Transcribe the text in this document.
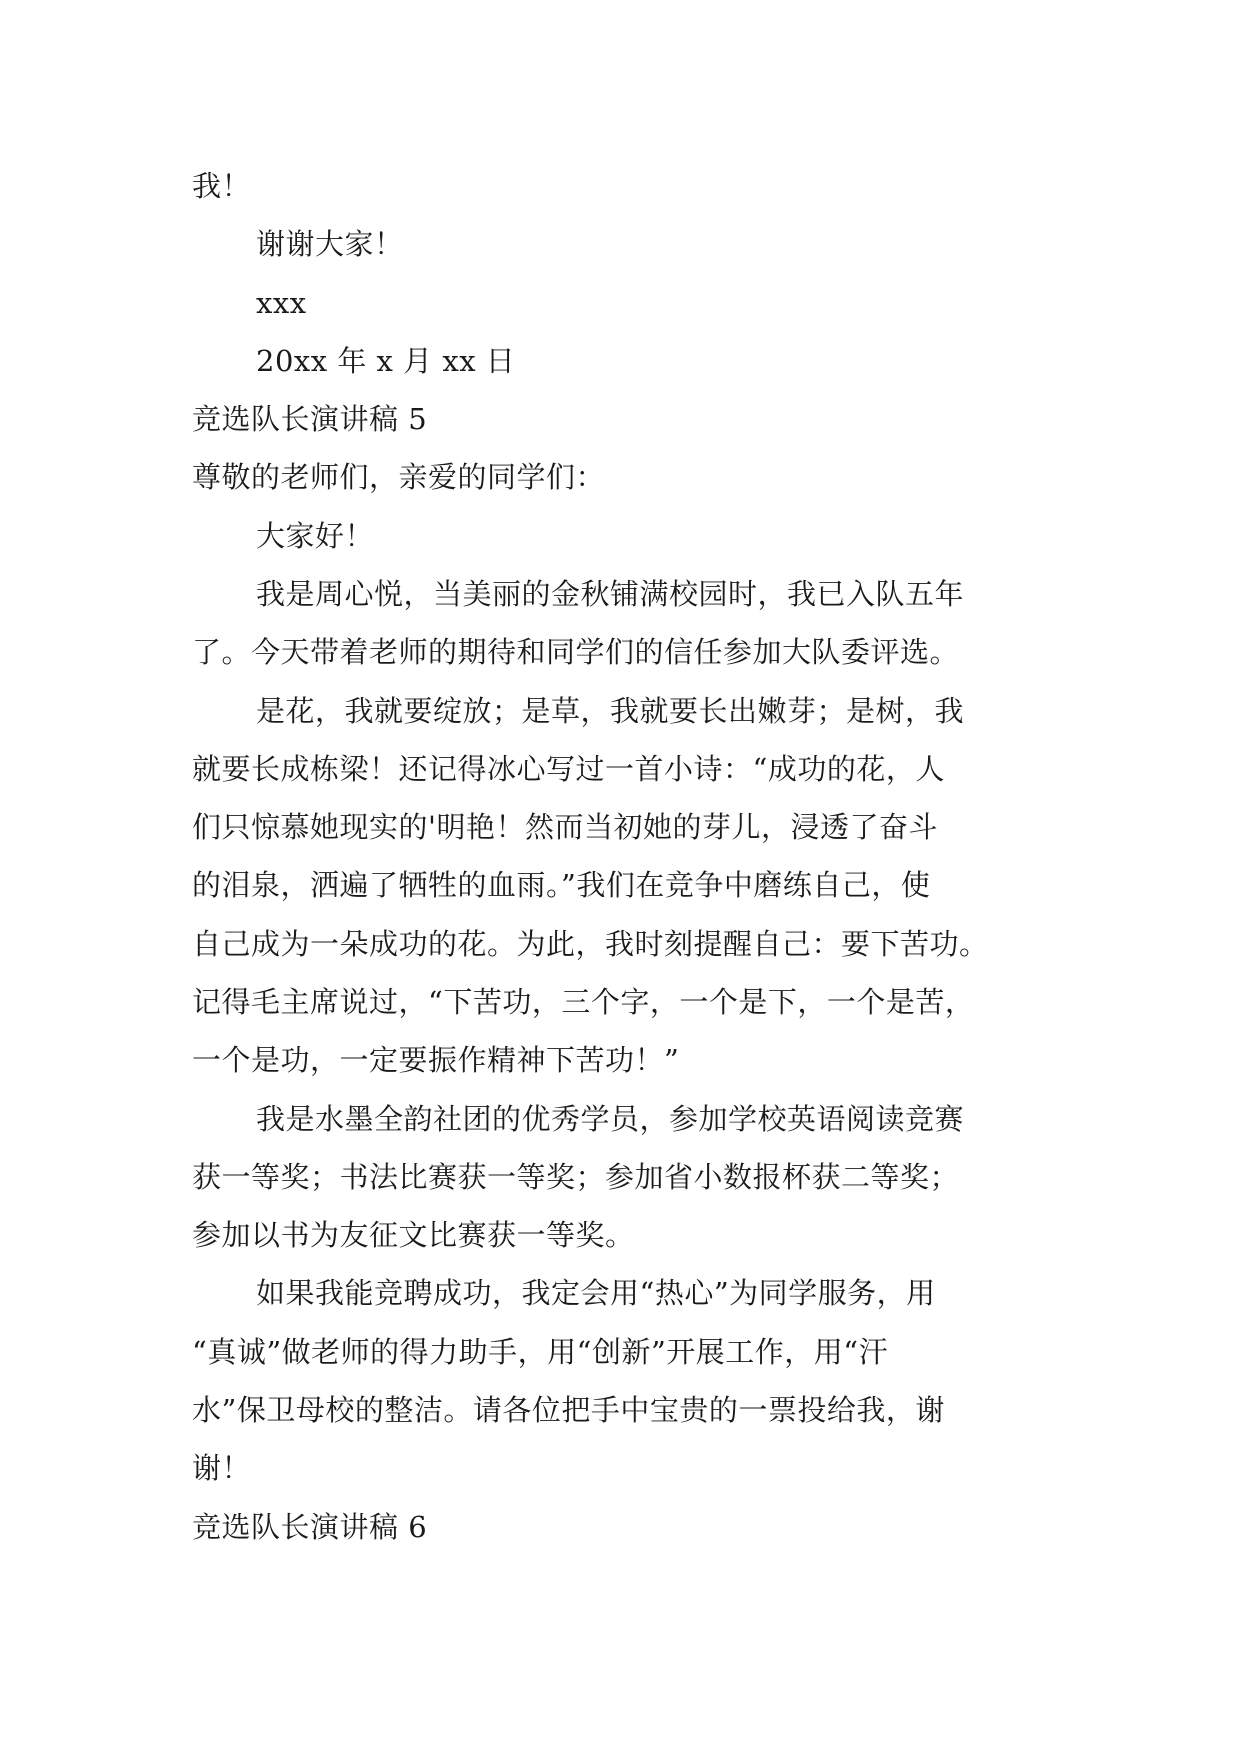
我！
谢谢大家！
xxx
20xx 年 x 月 xx 日
竞选队长演讲稿 5
尊敬的老师们，亲爱的同学们：
大家好！
我是周心悦，当美丽的金秋铺满校园时，我已入队五年
了。今天带着老师的期待和同学们的信任参加大队委评选。
是花，我就要绽放；是草，我就要长出嫩芽；是树，我
就要长成栋梁！还记得冰心写过一首小诗：“成功的花，人
们只惊慕她现实的'明艳！然而当初她的芽儿，浸透了奋斗
的泪泉，洒遍了牺牲的血雨。”我们在竞争中磨练自己，使
自己成为一朵成功的花。为此，我时刻提醒自己：要下苦功。
记得毛主席说过，“下苦功，三个字，一个是下，一个是苦，
一个是功，一定要振作精神下苦功！”
我是水墨全韵社团的优秀学员，参加学校英语阅读竞赛
获一等奖；书法比赛获一等奖；参加省小数报杯获二等奖；
参加以书为友征文比赛获一等奖。
如果我能竞聘成功，我定会用“热心”为同学服务，用
“真诚”做老师的得力助手，用“创新”开展工作，用“汗
水”保卫母校的整洁。请各位把手中宝贵的一票投给我，谢
谢！
竞选队长演讲稿 6
